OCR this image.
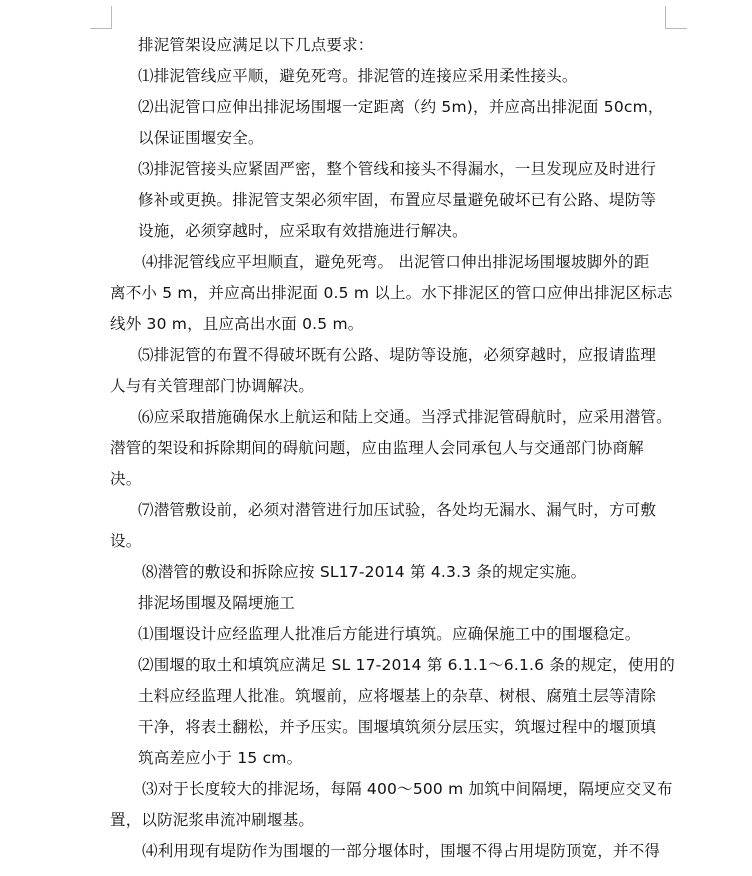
排泥管架设应满足以下几点要求：
⑴排泥管线应平顺，避免死弯。排泥管的连接应采用柔性接头。
⑵出泥管口应伸出排泥场围堰一定距离（约 5m)，并应高出排泥面 50cm，
以保证围堰安全。
⑶排泥管接头应紧固严密，整个管线和接头不得漏水，一旦发现应及时进行
修补或更换。排泥管支架必须牢固，布置应尽量避免破坏已有公路、堤防等
设施，必须穿越时，应采取有效措施进行解决。
⑷排泥管线应平坦顺直，避免死弯。 出泥管口伸出排泥场围堰坡脚外的距
离不小 5 m，并应高出排泥面 0.5 m 以上。水下排泥区的管口应伸出排泥区标志
线外 30 m，且应高出水面 0.5 m。
⑸排泥管的布置不得破坏既有公路、堤防等设施，必须穿越时，应报请监理
人与有关管理部门协调解决。
⑹应采取措施确保水上航运和陆上交通。当浮式排泥管碍航时，应采用潜管。
潜管的架设和拆除期间的碍航问题，应由监理人会同承包人与交通部门协商解
决。
⑺潜管敷设前，必须对潜管进行加压试验，各处均无漏水、漏气时，方可敷
设。
⑻潜管的敷设和拆除应按 SL17-2014 第 4.3.3 条的规定实施。
排泥场围堰及隔埂施工
⑴围堰设计应经监理人批准后方能进行填筑。应确保施工中的围堰稳定。
⑵围堰的取土和填筑应满足 SL 17-2014 第 6.1.1～6.1.6 条的规定，使用的
土料应经监理人批准。筑堰前，应将堰基上的杂草、树根、腐殖土层等清除
干净，将表土翻松，并予压实。围堰填筑须分层压实，筑堰过程中的堰顶填
筑高差应小于 15 cm。
⑶对于长度较大的排泥场，每隔 400～500 m 加筑中间隔埂，隔埂应交叉布
置，以防泥浆串流冲刷堰基。
⑷利用现有堤防作为围堰的一部分堰体时，围堰不得占用堤防顶宽，并不得
